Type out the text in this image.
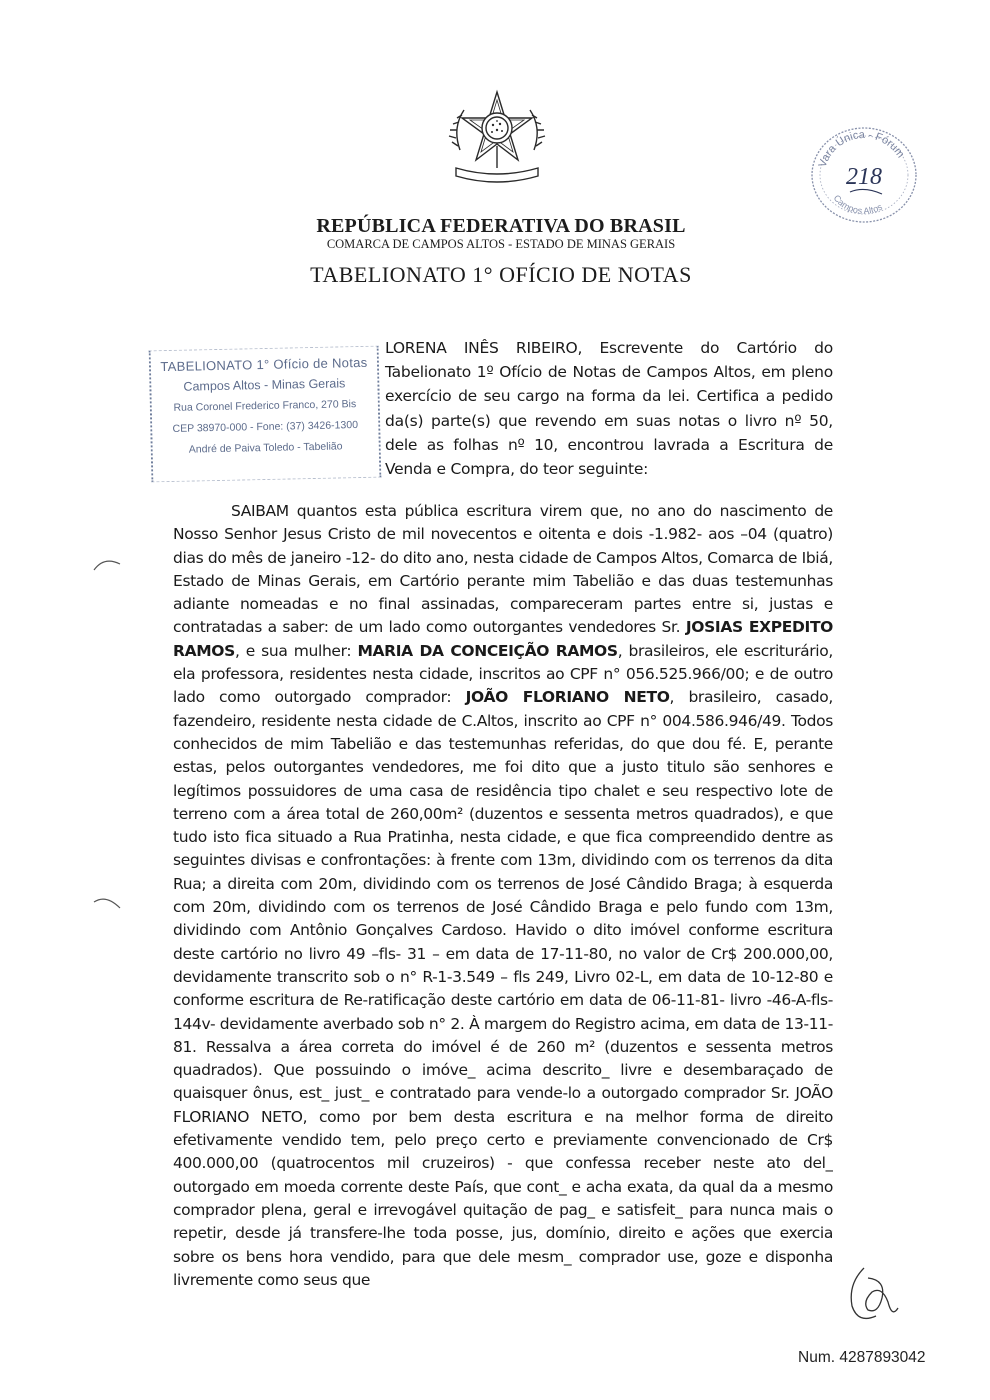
Vara Única - Fórum
Campos Altos
218
REPÚBLICA FEDERATIVA DO BRASIL
COMARCA DE CAMPOS ALTOS - ESTADO DE MINAS GERAIS
TABELIONATO 1° OFÍCIO DE NOTAS
TABELIONATO 1° Ofício de Notas
Campos Altos - Minas Gerais
Rua Coronel Frederico Franco, 270 Bis
CEP 38970-000 - Fone: (37) 3426-1300
André de Paiva Toledo - Tabelião
LORENA INÊS RIBEIRO, Escrevente do Cartório do Tabelionato 1º Ofício de Notas de Campos Altos, em pleno exercício de seu cargo na forma da lei. Certifica a pedido da(s) parte(s) que revendo em suas notas o livro nº 50, dele as folhas nº 10, encontrou lavrada a Escritura de Venda e Compra, do teor seguinte:

SAIBAM quantos esta pública escritura virem que, no ano do nascimento de Nosso Senhor Jesus Cristo de mil novecentos e oitenta e dois -1.982- aos –04 (quatro) dias do mês de janeiro -12- do dito ano, nesta cidade de Campos Altos, Comarca de Ibiá, Estado de Minas Gerais, em Cartório perante mim Tabelião e das duas testemunhas adiante nomeadas e no final assinadas, compareceram partes entre si, justas e contratadas a saber: de um lado como outorgantes vendedores Sr. JOSIAS EXPEDITO RAMOS, e sua mulher: MARIA DA CONCEIÇÃO RAMOS, brasileiros, ele escriturário, ela professora, residentes nesta cidade, inscritos ao CPF n° 056.525.966/00; e de outro lado como outorgado comprador: JOÃO FLORIANO NETO, brasileiro, casado, fazendeiro, residente nesta cidade de C.Altos, inscrito ao CPF n° 004.586.946/49. Todos conhecidos de mim Tabelião e das testemunhas referidas, do que dou fé. E, perante estas, pelos outorgantes vendedores, me foi dito que a justo titulo são senhores e legítimos possuidores de uma casa de residência tipo chalet e seu respectivo lote de terreno com a área total de 260,00m² (duzentos e sessenta metros quadrados), e que tudo isto fica situado a Rua Pratinha, nesta cidade, e que fica compreendido dentre as seguintes divisas e confrontações: à frente com 13m, dividindo com os terrenos da dita Rua; a direita com 20m, dividindo com os terrenos de José Cândido Braga; à esquerda com 20m, dividindo com os terrenos de José Cândido Braga e pelo fundo com 13m, dividindo com Antônio Gonçalves Cardoso. Havido o dito imóvel conforme escritura deste cartório no livro 49 –fls- 31 – em data de 17-11-80, no valor de Cr$ 200.000,00, devidamente transcrito sob o n° R-1-3.549 – fls 249, Livro 02-L, em data de 10-12-80 e conforme escritura de Re-ratificação deste cartório em data de 06-11-81- livro -46-A-fls-144v- devidamente averbado sob n° 2. À margem do Registro acima, em data de 13-11-81. Ressalva a área correta do imóvel é de 260 m² (duzentos e sessenta metros quadrados). Que possuindo o imóve_ acima descrito_ livre e desembaraçado de quaisquer ônus, est_ just_ e contratado para vende-lo a outorgado comprador Sr. JOÃO FLORIANO NETO, como por bem desta escritura e na melhor forma de direito efetivamente vendido tem, pelo preço certo e previamente convencionado de Cr$ 400.000,00 (quatrocentos mil cruzeiros) - que confessa receber neste ato del_ outorgado em moeda corrente deste País, que cont_ e acha exata, da qual da a mesmo comprador plena, geral e irrevogável quitação de pag_ e satisfeit_ para nunca mais o repetir, desde já transfere-lhe toda posse, jus, domínio, direito e ações que exercia sobre os bens hora vendido, para que dele mesm_ comprador use, goze e disponha livremente como seus que

Num. 4287893042
